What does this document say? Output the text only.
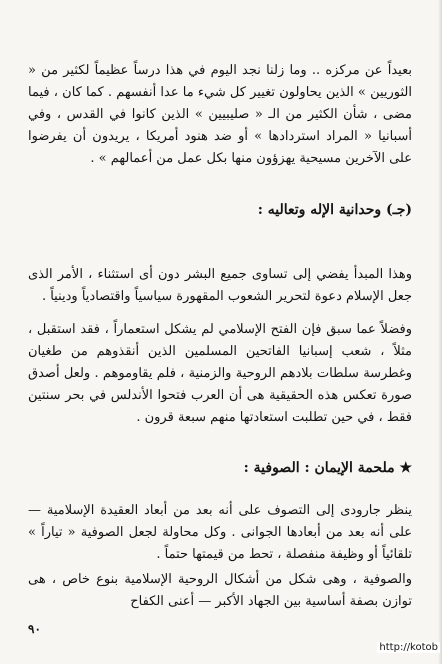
بعيداً عن مركزه .. وما زلنا نجد اليوم في هذا درساً عظيماً لكثير من « الثوريين » الذين يحاولون تغيير كل شيء ما عدا أنفسهم . كما كان ، فيما مضى ، شأن الكثير من الـ « صليبيين » الذين كانوا في القدس ، وفي أسبانيا « المراد استردادها » أو ضد هنود أمريكا ، يريدون أن يفرضوا على الآخرين مسيحية يهزؤون منها بكل عمل من أعمالهم » .

(جـ) وحدانية الإله وتعاليه :

وهذا المبدأ يفضي إلى تساوى جميع البشر دون أى استثناء ، الأمر الذى جعل الإسلام دعوة لتحرير الشعوب المقهورة سياسياً واقتصادياً ودينياً .

وفضلاً عما سبق فإن الفتح الإسلامي لم يشكل استعماراً ، فقد استقبل ، مثلاً ، شعب إسبانيا الفاتحين المسلمين الذين أنقذوهم من طغيان وغطرسة سلطات بلادهم الروحية والزمنية ، فلم يقاوموهم . ولعل أصدق صورة تعكس هذه الحقيقية هى أن العرب فتحوا الأندلس في بحر سنتين فقط ، في حين تطلبت استعادتها منهم سبعة قرون .

★ ملحمة الإيمان : الصوفية :

ينظر جارودى إلى التصوف على أنه بعد من أبعاد العقيدة الإسلامية — على أنه بعد من أبعادها الجوانى . وكل محاولة لجعل الصوفية « تياراً » تلقائياً أو وظيفة منفصلة ، تحط من قيمتها حتماً .

والصوفية ، وهى شكل من أشكال الروحية الإسلامية بنوع خاص ، هى توازن بصفة أساسية بين الجهاد الأكبر — أعنى الكفاح

٩٠
http://kotob
